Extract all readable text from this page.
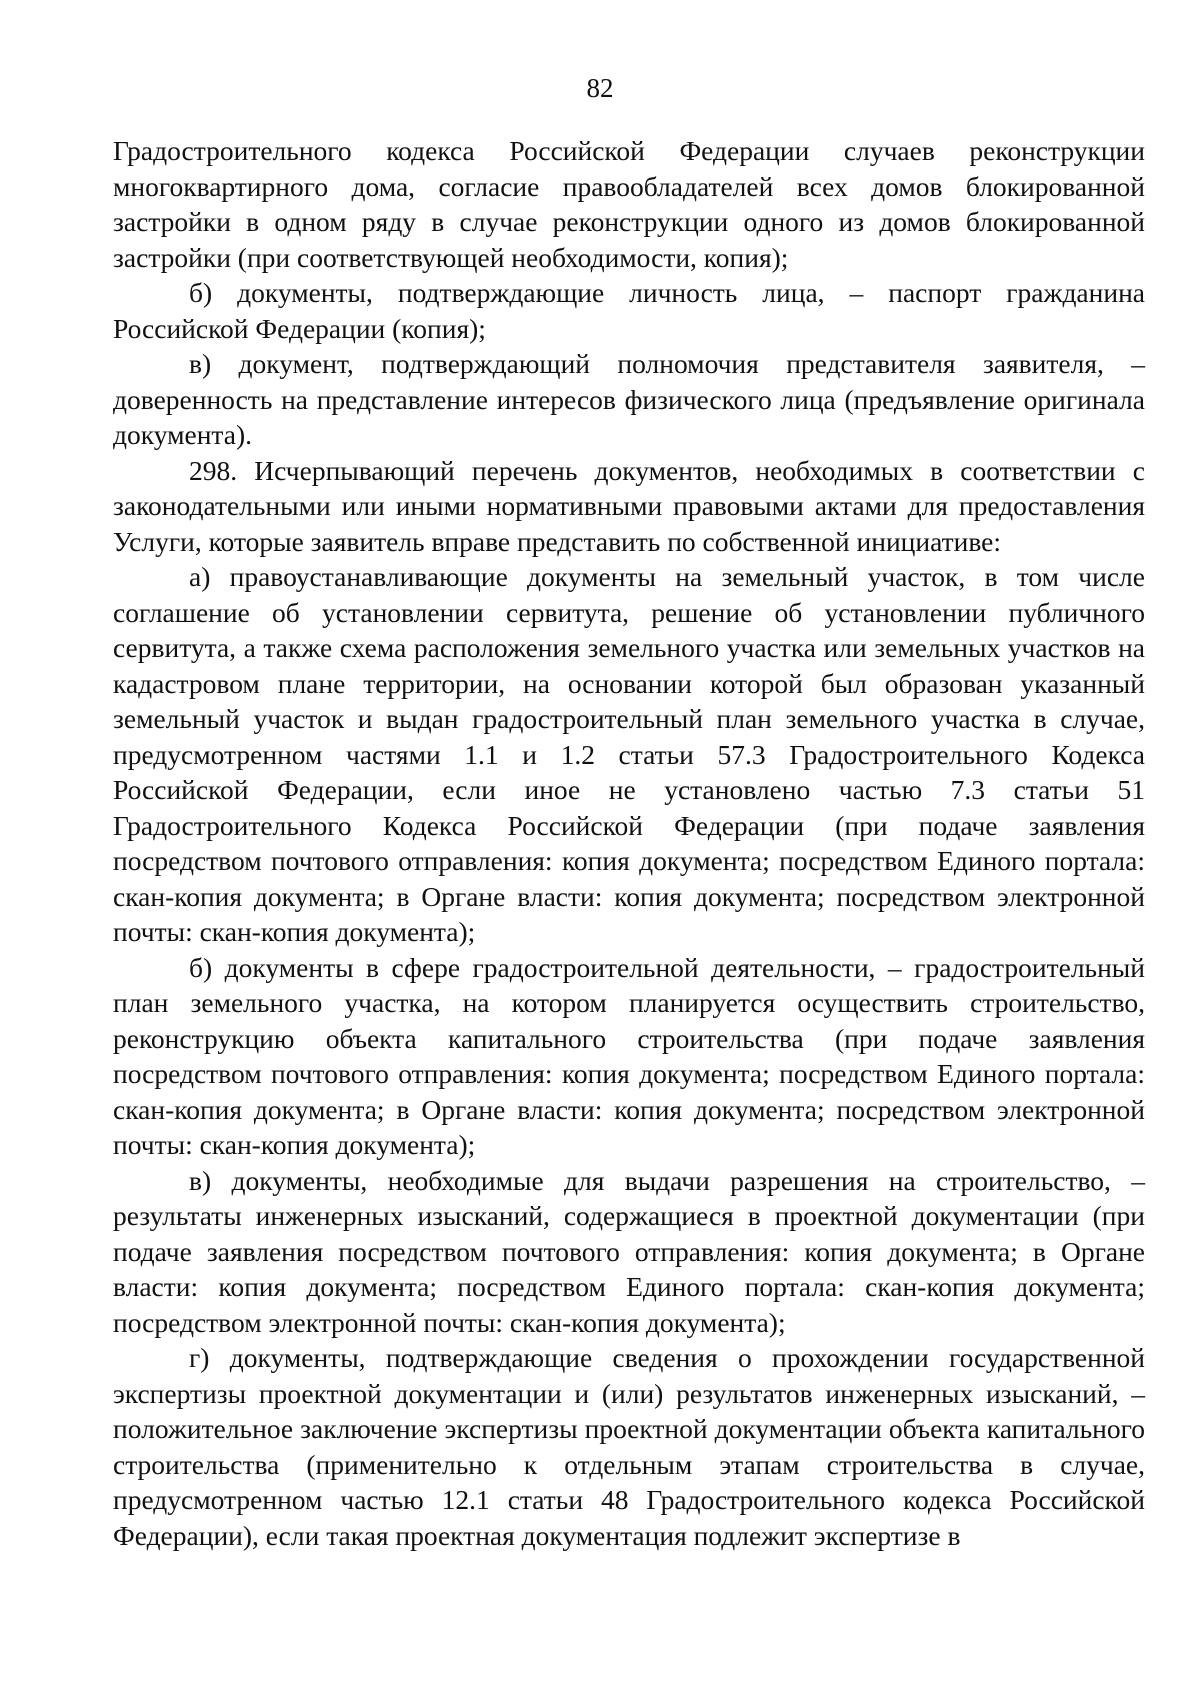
82

Градостроительного кодекса Российской Федерации случаев реконструкции многоквартирного дома, согласие правообладателей всех домов блокированной застройки в одном ряду в случае реконструкции одного из домов блокированной застройки (при соответствующей необходимости, копия);

б) документы, подтверждающие личность лица, – паспорт гражданина Российской Федерации (копия);

в) документ, подтверждающий полномочия представителя заявителя, – доверенность на представление интересов физического лица (предъявление оригинала документа).

298. Исчерпывающий перечень документов, необходимых в соответствии с законодательными или иными нормативными правовыми актами для предоставления Услуги, которые заявитель вправе представить по собственной инициативе:

а) правоустанавливающие документы на земельный участок, в том числе соглашение об установлении сервитута, решение об установлении публичного сервитута, а также схема расположения земельного участка или земельных участков на кадастровом плане территории, на основании которой был образован указанный земельный участок и выдан градостроительный план земельного участка в случае, предусмотренном частями 1.1 и 1.2 статьи 57.3 Градостроительного Кодекса Российской Федерации, если иное не установлено частью 7.3 статьи 51 Градостроительного Кодекса Российской Федерации (при подаче заявления посредством почтового отправления: копия документа; посредством Единого портала: скан-копия документа; в Органе власти: копия документа; посредством электронной почты: скан-копия документа);

б) документы в сфере градостроительной деятельности, – градостроительный план земельного участка, на котором планируется осуществить строительство, реконструкцию объекта капитального строительства (при подаче заявления посредством почтового отправления: копия документа; посредством Единого портала: скан-копия документа; в Органе власти: копия документа; посредством электронной почты: скан-копия документа);

в) документы, необходимые для выдачи разрешения на строительство, – результаты инженерных изысканий, содержащиеся в проектной документации (при подаче заявления посредством почтового отправления: копия документа; в Органе власти: копия документа; посредством Единого портала: скан-копия документа; посредством электронной почты: скан-копия документа);

г) документы, подтверждающие сведения о прохождении государственной экспертизы проектной документации и (или) результатов инженерных изысканий, – положительное заключение экспертизы проектной документации объекта капитального строительства (применительно к отдельным этапам строительства в случае, предусмотренном частью 12.1 статьи 48 Градостроительного кодекса Российской Федерации), если такая проектная документация подлежит экспертизе в
